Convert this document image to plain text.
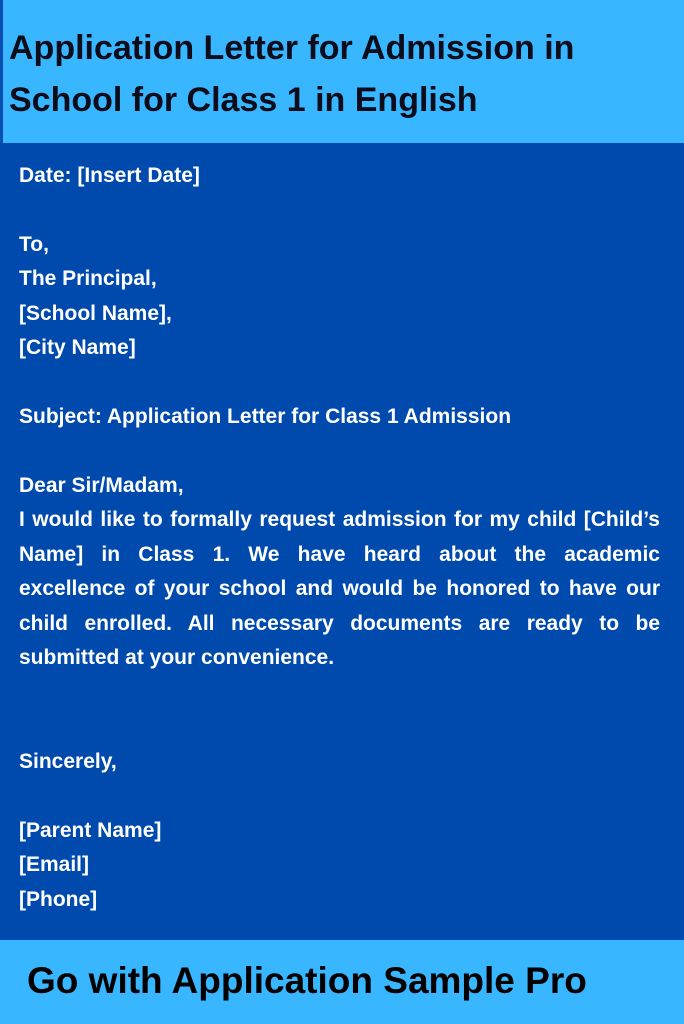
Application Letter for Admission in School for Class 1 in English

Date: [Insert Date]

To,

The Principal,

[School Name],

[City Name]

Subject: Application Letter for Class 1 Admission

Dear Sir/Madam,

I would like to formally request admission for my child [Child’s Name] in Class 1. We have heard about the academic excellence of your school and would be honored to have our child enrolled. All necessary documents are ready to be submitted at your convenience.

Sincerely,

[Parent Name]

[Email]

[Phone]

Go with Application Sample Pro
